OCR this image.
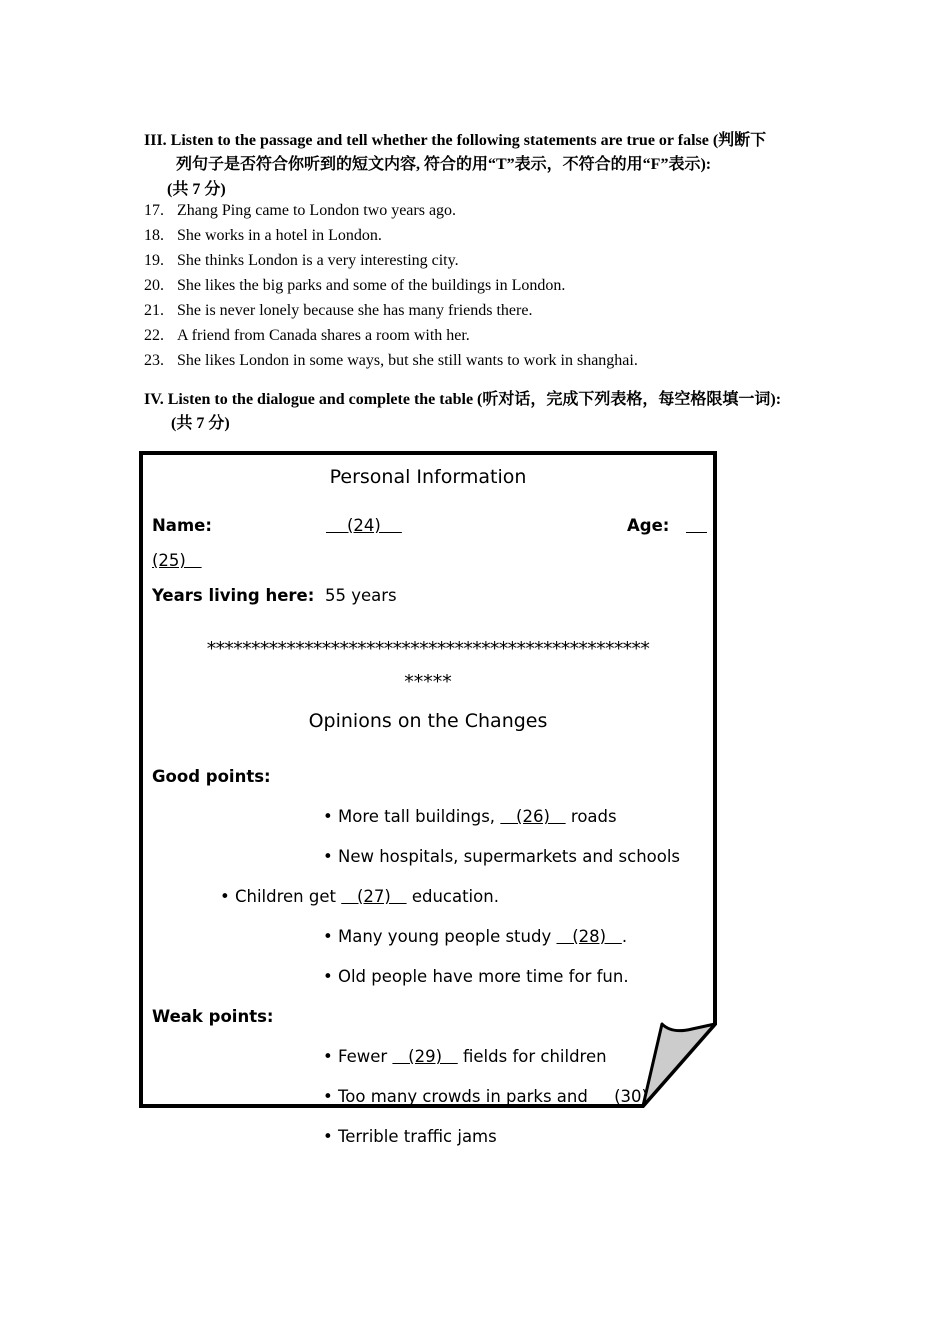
III. Listen to the passage and tell whether the following statements are true or false (判断下
列句子是否符合你听到的短文内容, 符合的用“T”表示，不符合的用“F”表示):
(共 7 分)
17. Zhang Ping came to London two years ago.
18. She works in a hotel in London.
19. She thinks London is a very interesting city.
20. She likes the big parks and some of the buildings in London.
21. She is never lonely because she has many friends there.
22. A friend from Canada shares a room with her.
23. She likes London in some ways, but she still wants to work in shanghai.
IV. Listen to the dialogue and complete the table (听对话，完成下列表格，每空格限填一词):
(共 7 分)
Personal Information
Name:	(24)	Age:

(25)
Years living here: 55 years
**************************************************
*****
Opinions on the Changes
Good points:
• More tall buildings,    (26)    roads
• New hospitals, supermarkets and schools
• Children get    (27)    education.
• Many young people study    (28)   .
• Old people have more time for fun.
Weak points:
• Fewer    (29)    fields for children
• Too many crowds in parks and     (30)
• Terrible traffic jams
